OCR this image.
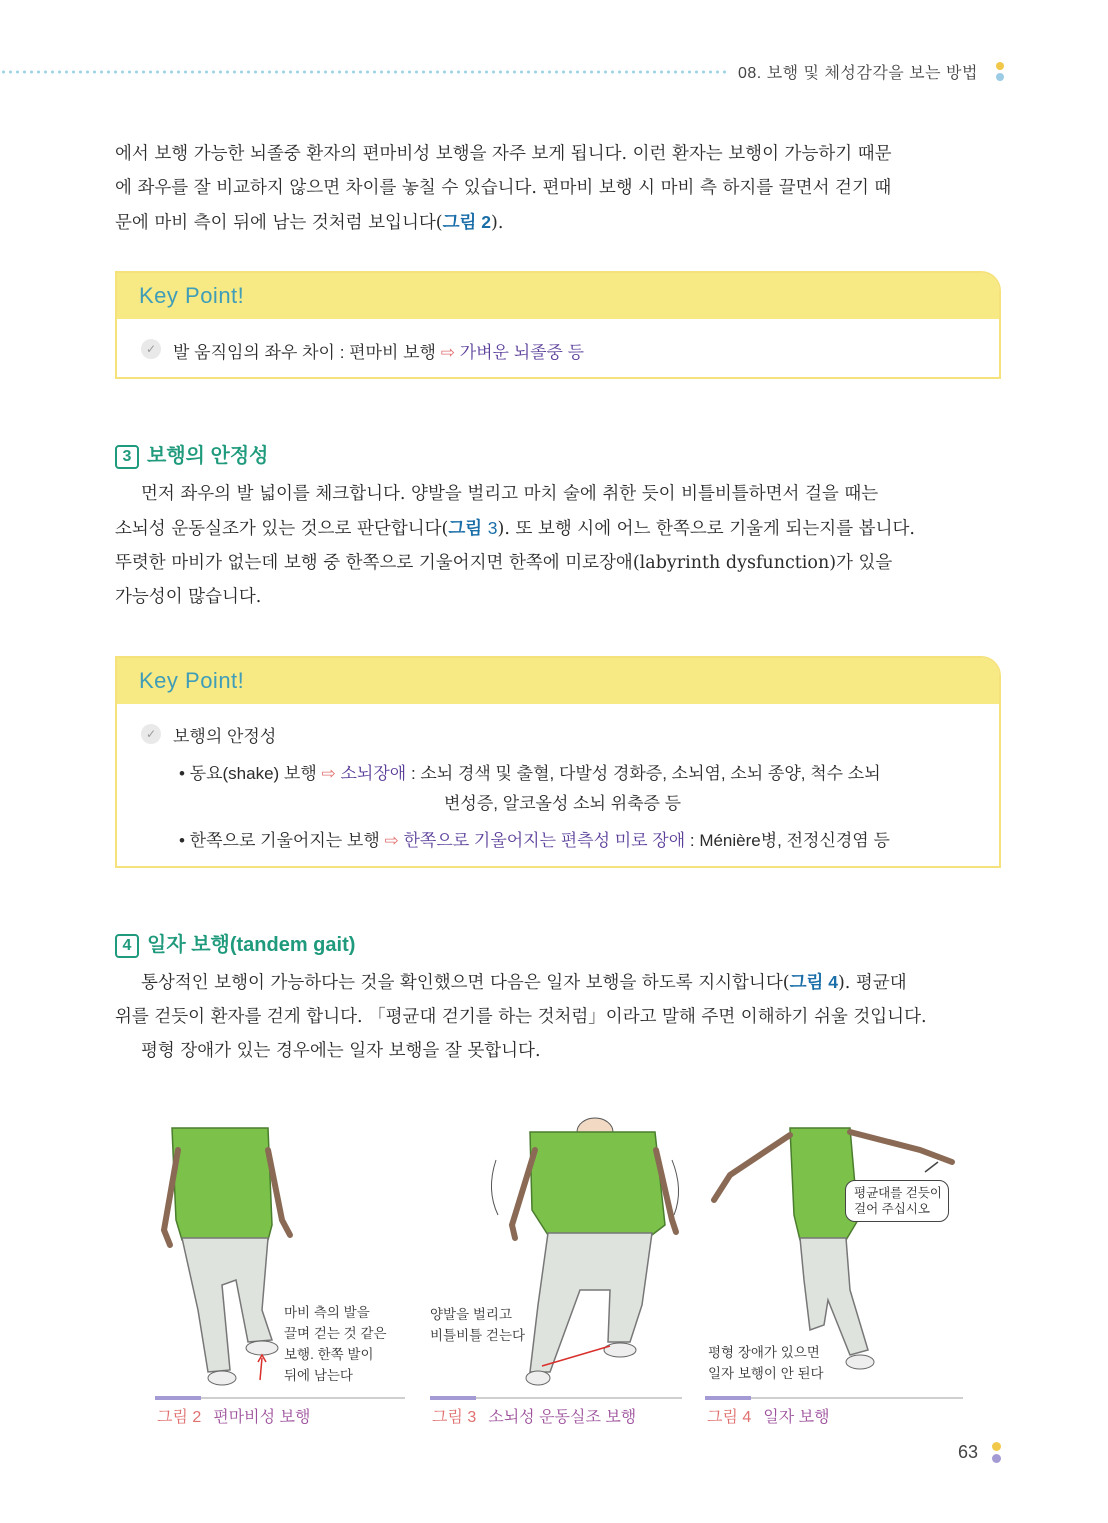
08. 보행 및 체성감각을 보는 방법

에서 보행 가능한 뇌졸중 환자의 편마비성 보행을 자주 보게 됩니다. 이런 환자는 보행이 가능하기 때문
에 좌우를 잘 비교하지 않으면 차이를 놓칠 수 있습니다. 편마비 보행 시 마비 측 하지를 끌면서 걷기 때
문에 마비 측이 뒤에 남는 것처럼 보입니다(그림 2).

Key Point!
✓ 발 움직임의 좌우 차이 : 편마비 보행 ⇨ 가벼운 뇌졸중 등
3 보행의 안정성

먼저 좌우의 발 넓이를 체크합니다. 양발을 벌리고 마치 술에 취한 듯이 비틀비틀하면서 걸을 때는
소뇌성 운동실조가 있는 것으로 판단합니다(그림 3). 또 보행 시에 어느 한쪽으로 기울게 되는지를 봅니다.
뚜렷한 마비가 없는데 보행 중 한쪽으로 기울어지면 한쪽에 미로장애(labyrinth dysfunction)가 있을
가능성이 많습니다.

Key Point!
✓ 보행의 안정성
• 동요(shake) 보행 ⇨ 소뇌장애 : 소뇌 경색 및 출혈, 다발성 경화증, 소뇌염, 소뇌 종양, 척수 소뇌
변성증, 알코올성 소뇌 위축증 등
• 한쪽으로 기울어지는 보행 ⇨ 한쪽으로 기울어지는 편측성 미로 장애 : Ménière병, 전정신경염 등
4 일자 보행(tandem gait)

통상적인 보행이 가능하다는 것을 확인했으면 다음은 일자 보행을 하도록 지시합니다(그림 4). 평균대
위를 걷듯이 환자를 걷게 합니다. 「평균대 걷기를 하는 것처럼」이라고 말해 주면 이해하기 쉬울 것입니다.
평형 장애가 있는 경우에는 일자 보행을 잘 못합니다.

마비 측의 발을
끌며 걷는 것 같은
보행. 한쪽 발이
뒤에 남는다
그림 2 편마비성 보행
양발을 벌리고
비틀비틀 걷는다
그림 3 소뇌성 운동실조 보행
평형 장애가 있으면
일자 보행이 안 된다
평균대를 걷듯이
걸어 주십시오
그림 4 일자 보행
63
